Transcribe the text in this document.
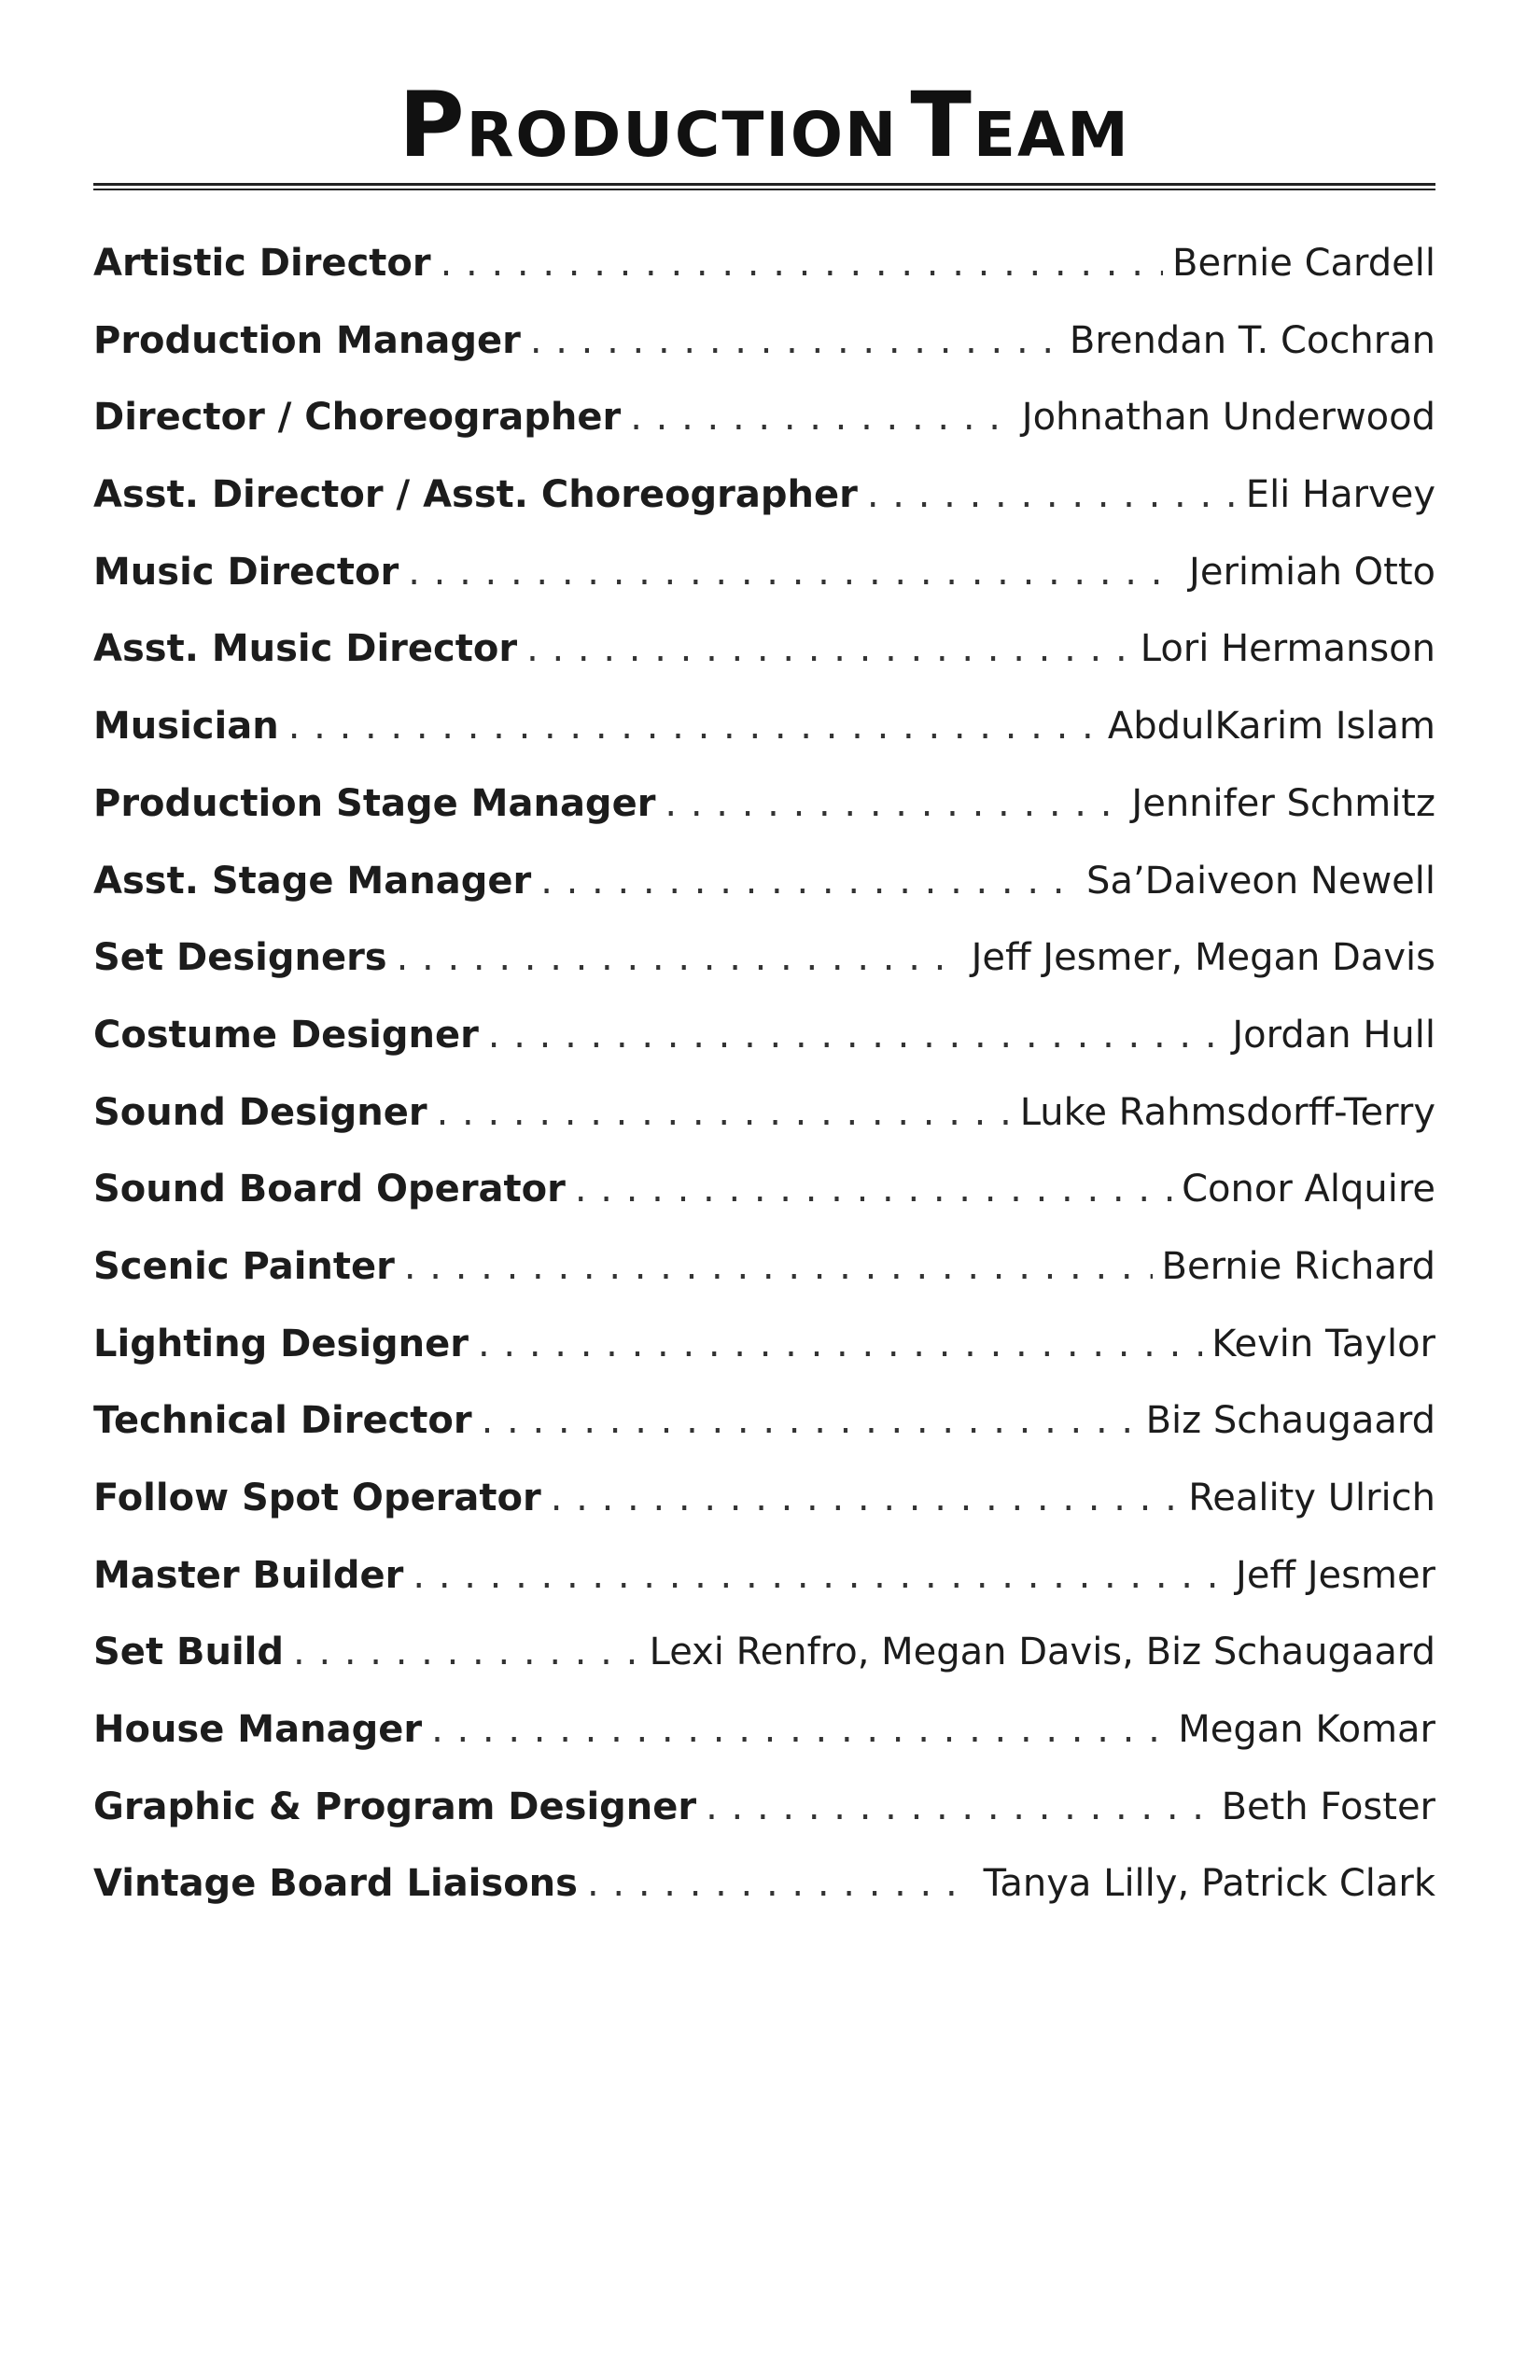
PRODUCTION TEAM
Artistic Director . . .	Bernie Cardell
Production Manager . . .	Brendan T. Cochran
Director / Choreographer . . .	Johnathan Underwood
Asst. Director / Asst. Choreographer . . .	Eli Harvey
Music Director . . .	Jerimiah Otto
Asst. Music Director . . .	Lori Hermanson
Musician . . .	AbdulKarim Islam
Production Stage Manager . . .	Jennifer Schmitz
Asst. Stage Manager . . .	Sa’Daiveon Newell
Set Designers . . .	Jeff Jesmer, Megan Davis
Costume Designer . . .	Jordan Hull
Sound Designer . . .	Luke Rahmsdorff-Terry
Sound Board Operator . . .	Conor Alquire
Scenic Painter . . .	Bernie Richard
Lighting Designer . . .	Kevin Taylor
Technical Director . . .	Biz Schaugaard
Follow Spot Operator . . .	Reality Ulrich
Master Builder . . .	Jeff Jesmer
Set Build . . .	Lexi Renfro, Megan Davis, Biz Schaugaard
House Manager . . .	Megan Komar
Graphic & Program Designer . . .	Beth Foster
Vintage Board Liaisons . . .	Tanya Lilly, Patrick Clark
